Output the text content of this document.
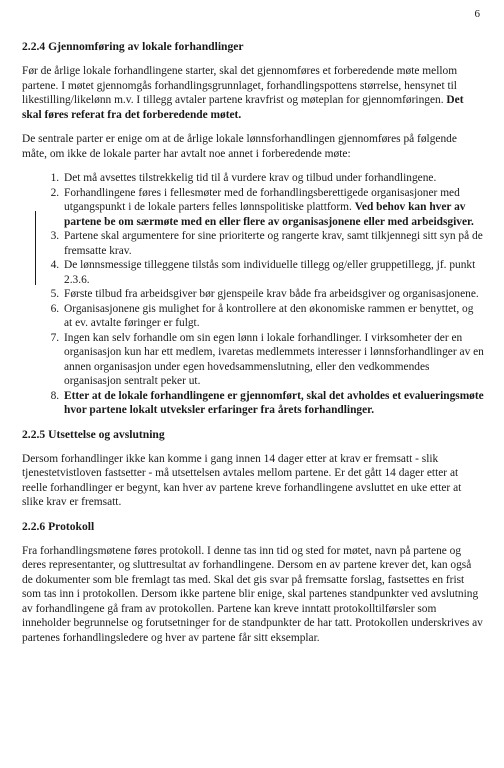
6
2.2.4 Gjennomføring av lokale forhandlinger

Før de årlige lokale forhandlingene starter, skal det gjennomføres et forberedende møte mellom partene. I møtet gjennomgås forhandlingsgrunnlaget, forhandlingspottens størrelse, hensynet til likestilling/likelønn m.v. I tillegg avtaler partene kravfrist og møteplan for gjennomføringen. Det skal føres referat fra det forberedende møtet.

De sentrale parter er enige om at de årlige lokale lønnsforhandlingen gjennomføres på følgende måte, om ikke de lokale parter har avtalt noe annet i forberedende møte:

1. Det må avsettes tilstrekkelig tid til å vurdere krav og tilbud under forhandlingene.
2. Forhandlingene føres i fellesmøter med de forhandlingsberettigede organisasjoner med utgangspunkt i de lokale parters felles lønnspolitiske plattform. Ved behov kan hver av partene be om særmøte med en eller flere av organisasjonene eller med arbeidsgiver.
3. Partene skal argumentere for sine prioriterte og rangerte krav, samt tilkjennegi sitt syn på de fremsatte krav.
4. De lønnsmessige tilleggene tilstås som individuelle tillegg og/eller gruppetillegg, jf. punkt 2.3.6.
5. Første tilbud fra arbeidsgiver bør gjenspeile krav både fra arbeidsgiver og organisasjonene.
6. Organisasjonene gis mulighet for å kontrollere at den økonomiske rammen er benyttet, og at ev. avtalte føringer er fulgt.
7. Ingen kan selv forhandle om sin egen lønn i lokale forhandlinger. I virksomheter der en organisasjon kun har ett medlem, ivaretas medlemmets interesser i lønnsforhandlinger av en annen organisasjon under egen hovedsammenslutning, eller den vedkommendes organisasjon sentralt peker ut.
8. Etter at de lokale forhandlingene er gjennomført, skal det avholdes et evalueringsmøte hvor partene lokalt utveksler erfaringer fra årets forhandlinger.
2.2.5 Utsettelse og avslutning

Dersom forhandlinger ikke kan komme i gang innen 14 dager etter at krav er fremsatt - slik tjenestetvistloven fastsetter - må utsettelsen avtales mellom partene. Er det gått 14 dager etter at reelle forhandlinger er begynt, kan hver av partene kreve forhandlingene avsluttet en uke etter at slike krav er fremsatt.

2.2.6 Protokoll

Fra forhandlingsmøtene føres protokoll. I denne tas inn tid og sted for møtet, navn på partene og deres representanter, og sluttresultat av forhandlingene. Dersom en av partene krever det, kan også de dokumenter som ble fremlagt tas med. Skal det gis svar på fremsatte forslag, fastsettes en frist som tas inn i protokollen. Dersom ikke partene blir enige, skal partenes standpunkter ved avslutning av forhandlingene gå fram av protokollen. Partene kan kreve inntatt protokolltilførsler som inneholder begrunnelse og forutsetninger for de standpunkter de har tatt. Protokollen underskrives av partenes forhandlingsledere og hver av partene får sitt eksemplar.
